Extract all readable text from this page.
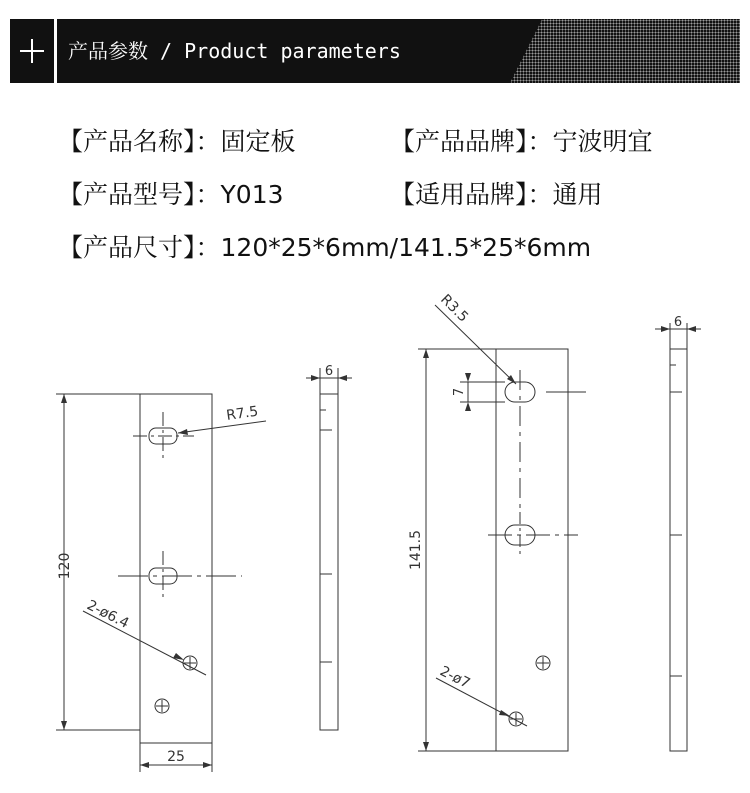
产品参数 / Product parameters
【产品名称】：固定板	【产品品牌】：宁波明宜
【产品型号】：Y013	【适用品牌】：通用
【产品尺寸】：120*25*6mm/141.5*25*6mm
120
25
6
R7.5
2-ø6.4
141.5
6
7
R3.5
2-ø7
